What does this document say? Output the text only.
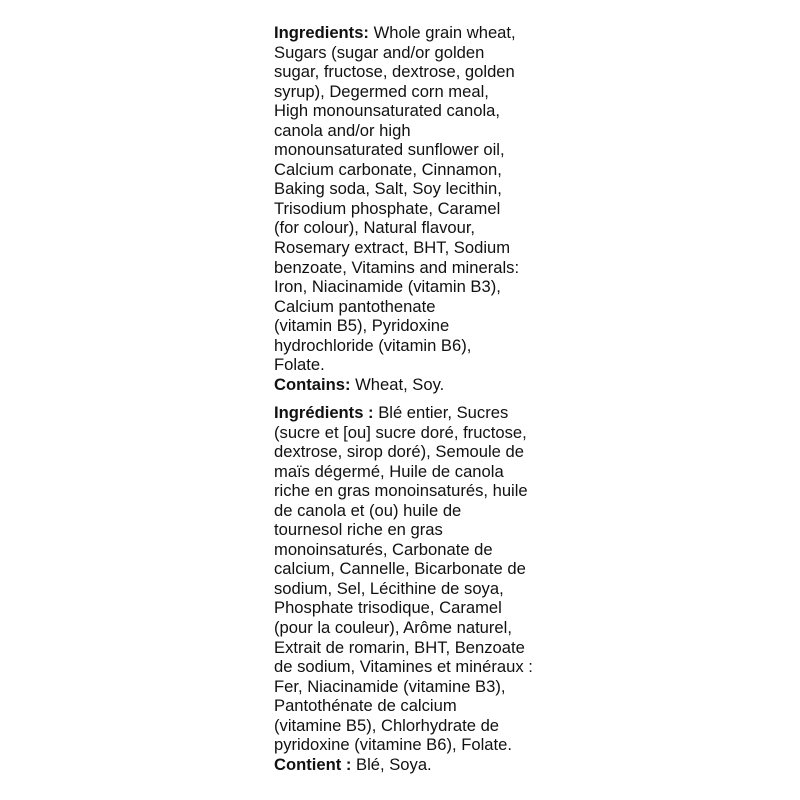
Ingredients: Whole grain wheat,
Sugars (sugar and/or golden
sugar, fructose, dextrose, golden
syrup), Degermed corn meal,
High monounsaturated canola,
canola and/or high
monounsaturated sunflower oil,
Calcium carbonate, Cinnamon,
Baking soda, Salt, Soy lecithin,
Trisodium phosphate, Caramel
(for colour), Natural flavour,
Rosemary extract, BHT, Sodium
benzoate, Vitamins and minerals:
Iron, Niacinamide (vitamin B3),
Calcium pantothenate
(vitamin B5), Pyridoxine
hydrochloride (vitamin B6),
Folate.
Contains: Wheat, Soy.
Ingrédients : Blé entier, Sucres
(sucre et [ou] sucre doré, fructose,
dextrose, sirop doré), Semoule de
maïs dégermé, Huile de canola
riche en gras monoinsaturés, huile
de canola et (ou) huile de
tournesol riche en gras
monoinsaturés, Carbonate de
calcium, Cannelle, Bicarbonate de
sodium, Sel, Lécithine de soya,
Phosphate trisodique, Caramel
(pour la couleur), Arôme naturel,
Extrait de romarin, BHT, Benzoate
de sodium, Vitamines et minéraux :
Fer, Niacinamide (vitamine B3),
Pantothénate de calcium
(vitamine B5), Chlorhydrate de
pyridoxine (vitamine B6), Folate.
Contient : Blé, Soya.
